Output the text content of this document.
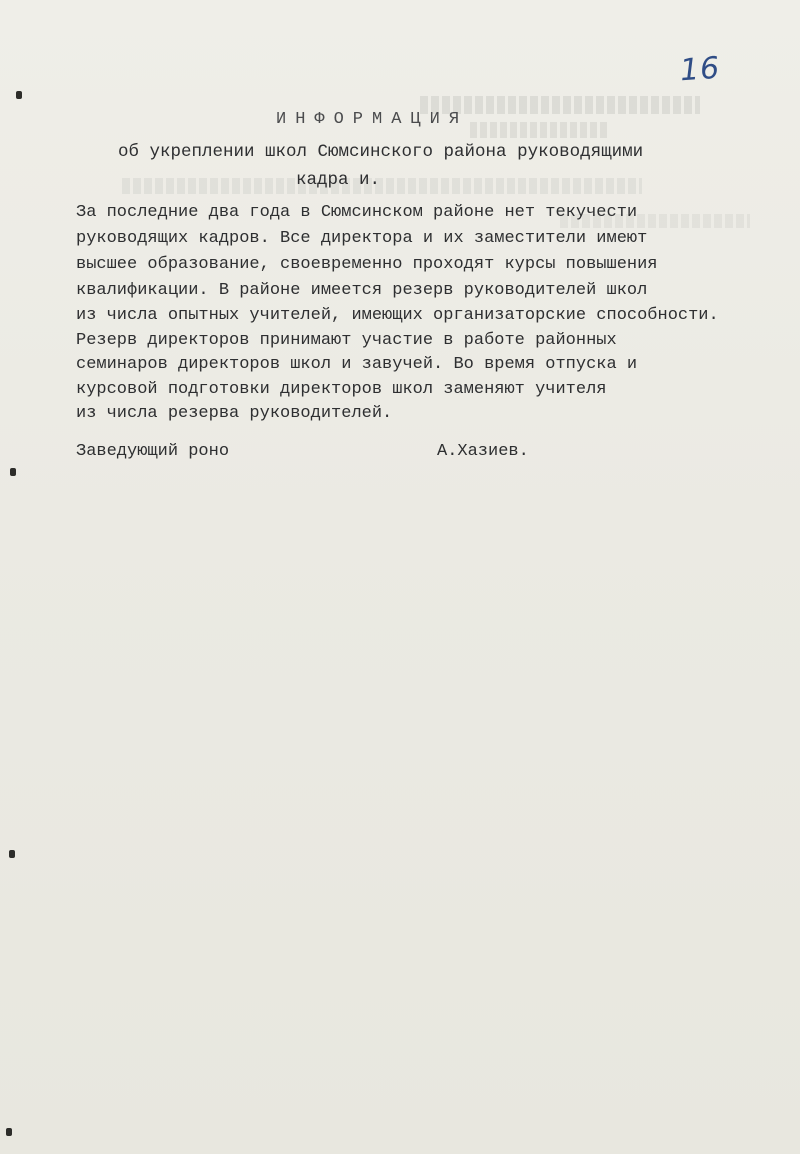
16
ИНФОРМАЦИЯ
об укреплении школ Сюмсинского района руководящими
кадра и.
За последние два года в Сюмсинском районе нет текучести
руководящих кадров. Все директора и их заместители имеют
высшее образование, своевременно проходят курсы повышения
квалификации. В районе имеется резерв руководителей школ
из числа опытных учителей, имеющих организаторские способности.
Резерв директоров принимают участие в работе районных
семинаров директоров школ и завучей. Во время отпуска и
курсовой подготовки директоров школ заменяют учителя
из числа резерва руководителей.
Заведующий роно	А.Хазиев.
